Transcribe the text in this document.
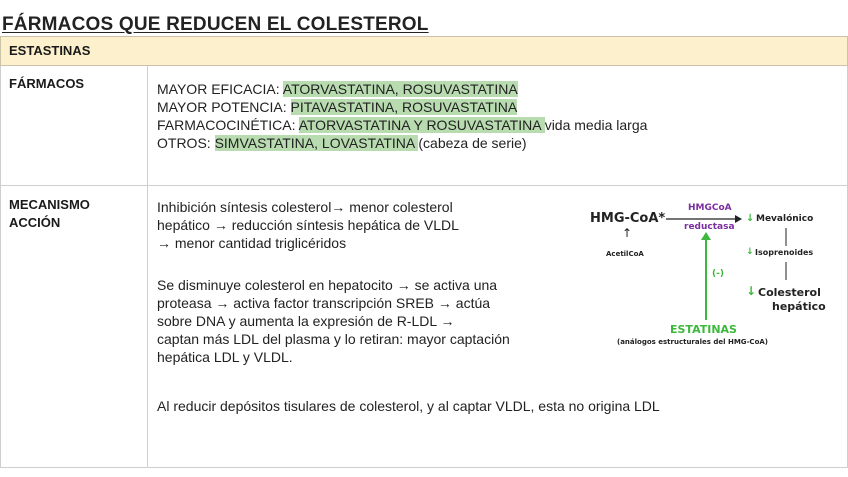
FÁRMACOS QUE REDUCEN EL COLESTEROL
ESTASTINAS
FÁRMACOS	MAYOR EFICACIA: ATORVASTATINA, ROSUVASTATINA
MAYOR POTENCIA: PITAVASTATINA, ROSUVASTATINA
FARMACOCINÉTICA: ATORVASTATINA Y ROSUVASTATINA vida media larga
OTROS: SIMVASTATINA, LOVASTATINA (cabeza de serie)
MECANISMO
ACCIÓN
Inhibición síntesis colesterol→ menor colesterol
hepático → reducción síntesis hepática de VLDL
→ menor cantidad triglicéridos
Se disminuye colesterol en hepatocito → se activa una
proteasa → activa factor transcripción SREB → actúa
sobre DNA y aumenta la expresión de R-LDL →
captan más LDL del plasma y lo retiran: mayor captación
hepática LDL y VLDL.
Al reducir depósitos tisulares de colesterol, y al captar VLDL, esta no origina LDL
HMG-CoA*
HMGCoA
reductasa
↑
AcetilCoA
↓ Mevalónico
↓ Isoprenoides
↓ Colesterol
hepático
(-)
ESTATINAS
(análogos estructurales del HMG-CoA)
